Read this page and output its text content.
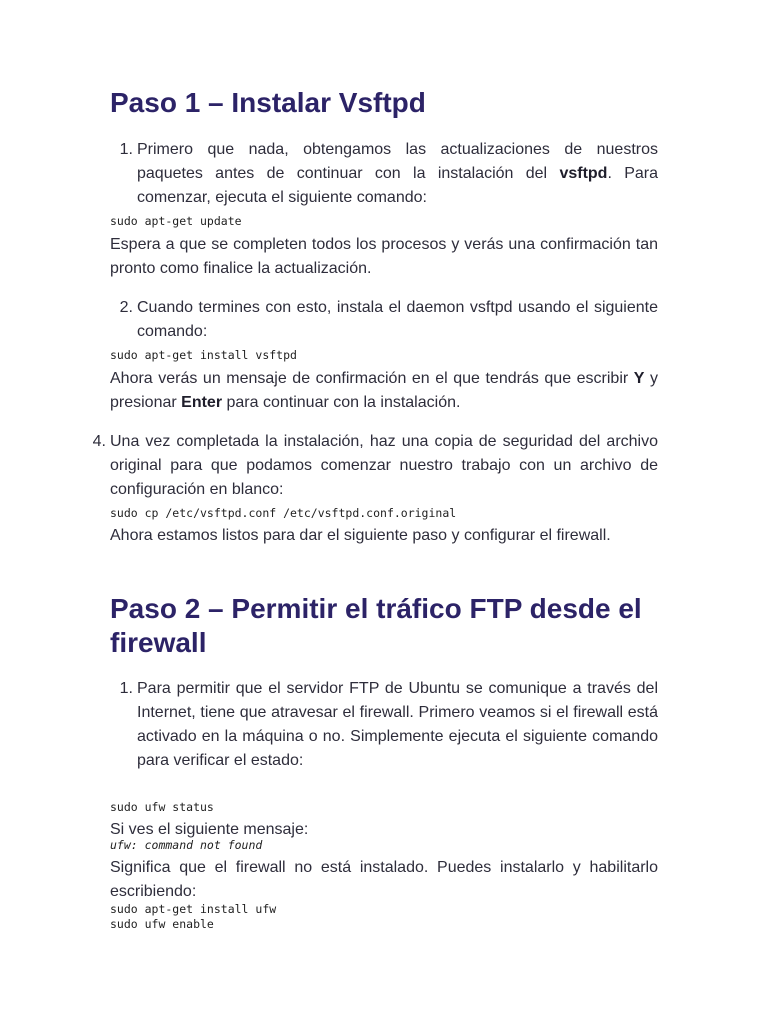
Paso 1 – Instalar Vsftpd
1. Primero que nada, obtengamos las actualizaciones de nuestros paquetes antes de continuar con la instalación del vsftpd. Para comenzar, ejecuta el siguiente comando:
sudo apt-get update
Espera a que se completen todos los procesos y verás una confirmación tan pronto como finalice la actualización.
2. Cuando termines con esto, instala el daemon vsftpd usando el siguiente comando:
sudo apt-get install vsftpd
Ahora verás un mensaje de confirmación en el que tendrás que escribir Y y presionar Enter para continuar con la instalación.
4. Una vez completada la instalación, haz una copia de seguridad del archivo original para que podamos comenzar nuestro trabajo con un archivo de configuración en blanco:
sudo cp /etc/vsftpd.conf /etc/vsftpd.conf.original
Ahora estamos listos para dar el siguiente paso y configurar el firewall.
Paso 2 – Permitir el tráfico FTP desde el firewall
1. Para permitir que el servidor FTP de Ubuntu se comunique a través del Internet, tiene que atravesar el firewall. Primero veamos si el firewall está activado en la máquina o no. Simplemente ejecuta el siguiente comando para verificar el estado:
sudo ufw status
Si ves el siguiente mensaje:
ufw: command not found
Significa que el firewall no está instalado. Puedes instalarlo y habilitarlo escribiendo:
sudo apt-get install ufw
sudo ufw enable
